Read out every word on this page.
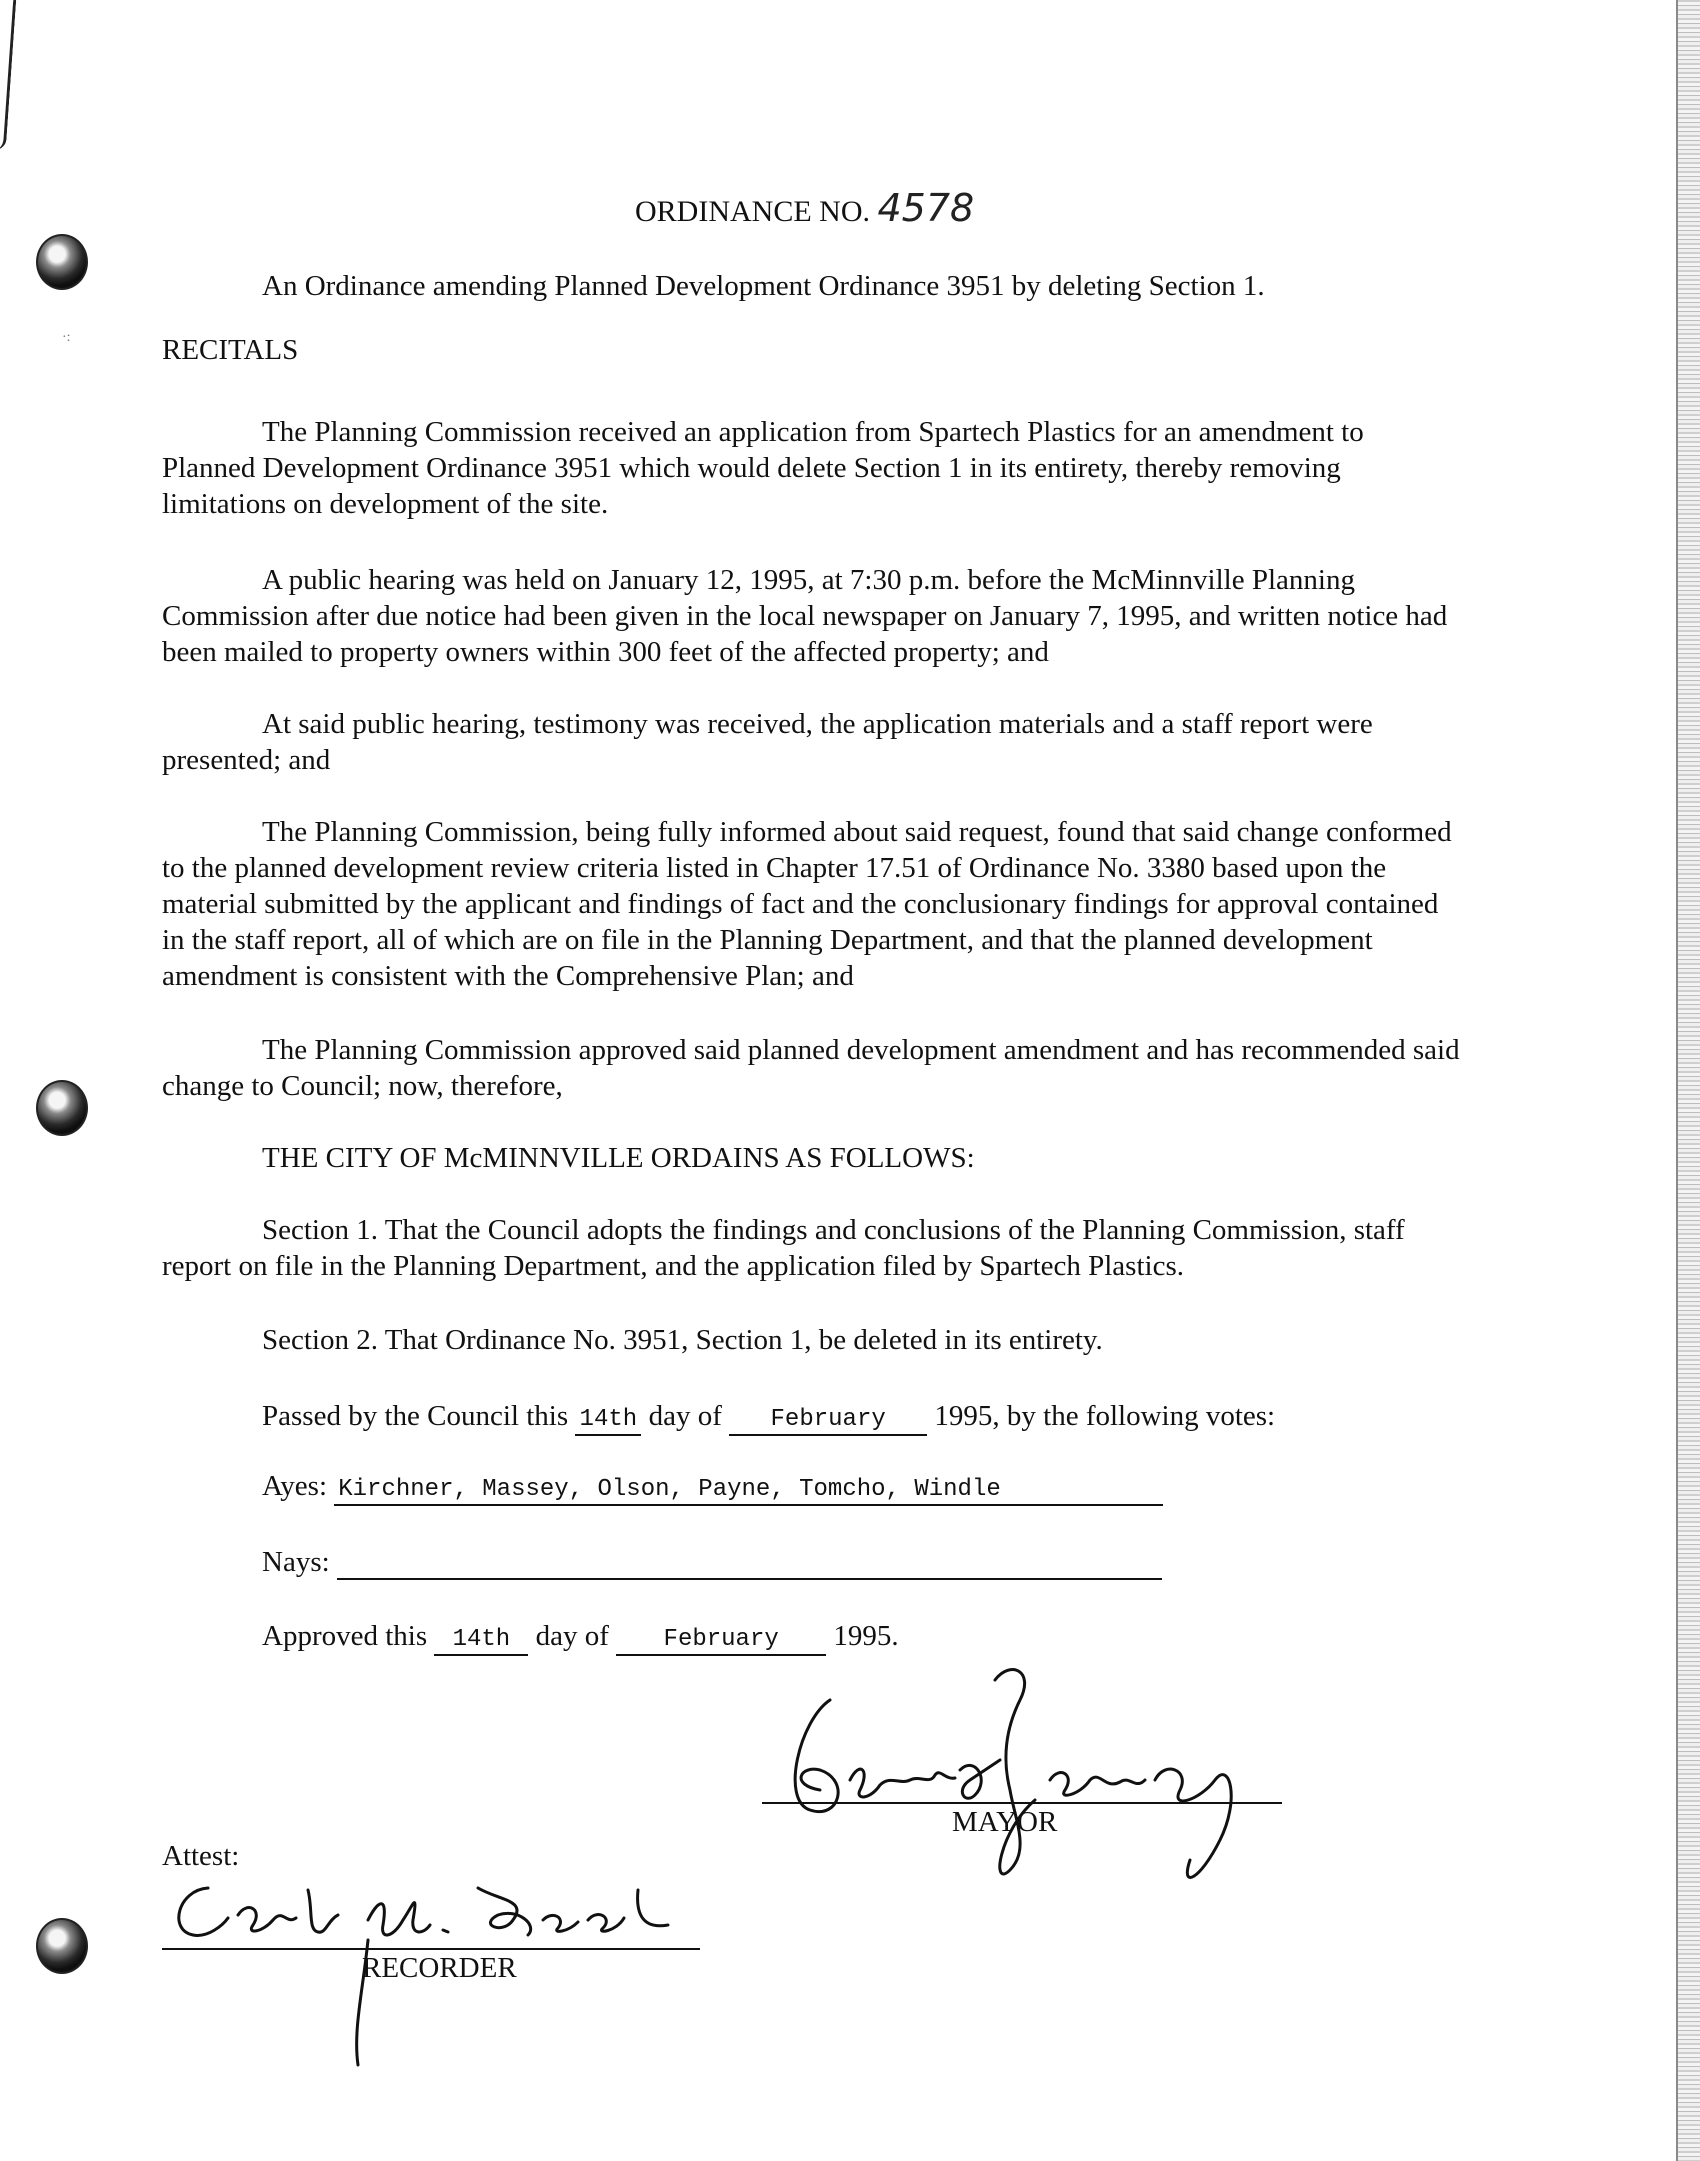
·:
ORDINANCE NO. 4578
An Ordinance amending Planned Development Ordinance 3951 by deleting Section 1.
RECITALS
The Planning Commission received an application from Spartech Plastics for an amendment to Planned Development Ordinance 3951 which would delete Section 1 in its entirety, thereby removing limitations on development of the site.
A public hearing was held on January 12, 1995, at 7:30 p.m. before the McMinnville Planning Commission after due notice had been given in the local newspaper on January 7, 1995, and written notice had been mailed to property owners within 300 feet of the affected property; and
At said public hearing, testimony was received, the application materials and a staff report were presented; and
The Planning Commission, being fully informed about said request, found that said change conformed to the planned development review criteria listed in Chapter 17.51 of Ordinance No. 3380 based upon the material submitted by the applicant and findings of fact and the conclusionary findings for approval contained in the staff report, all of which are on file in the Planning Department, and that the planned development amendment is consistent with the Comprehensive Plan; and
The Planning Commission approved said planned development amendment and has recommended said change to Council; now, therefore,
THE CITY OF McMINNVILLE ORDAINS AS FOLLOWS:
Section 1. That the Council adopts the findings and conclusions of the Planning Commission, staff report on file in the Planning Department, and the application filed by Spartech Plastics.
Section 2. That Ordinance No. 3951, Section 1, be deleted in its entirety.
Passed by the Council this 14th day of February 1995, by the following votes:
Ayes: Kirchner, Massey, Olson, Payne, Tomcho, Windle
Nays:
Approved this 14th day of February 1995.
MAYOR
Attest:
RECORDER
